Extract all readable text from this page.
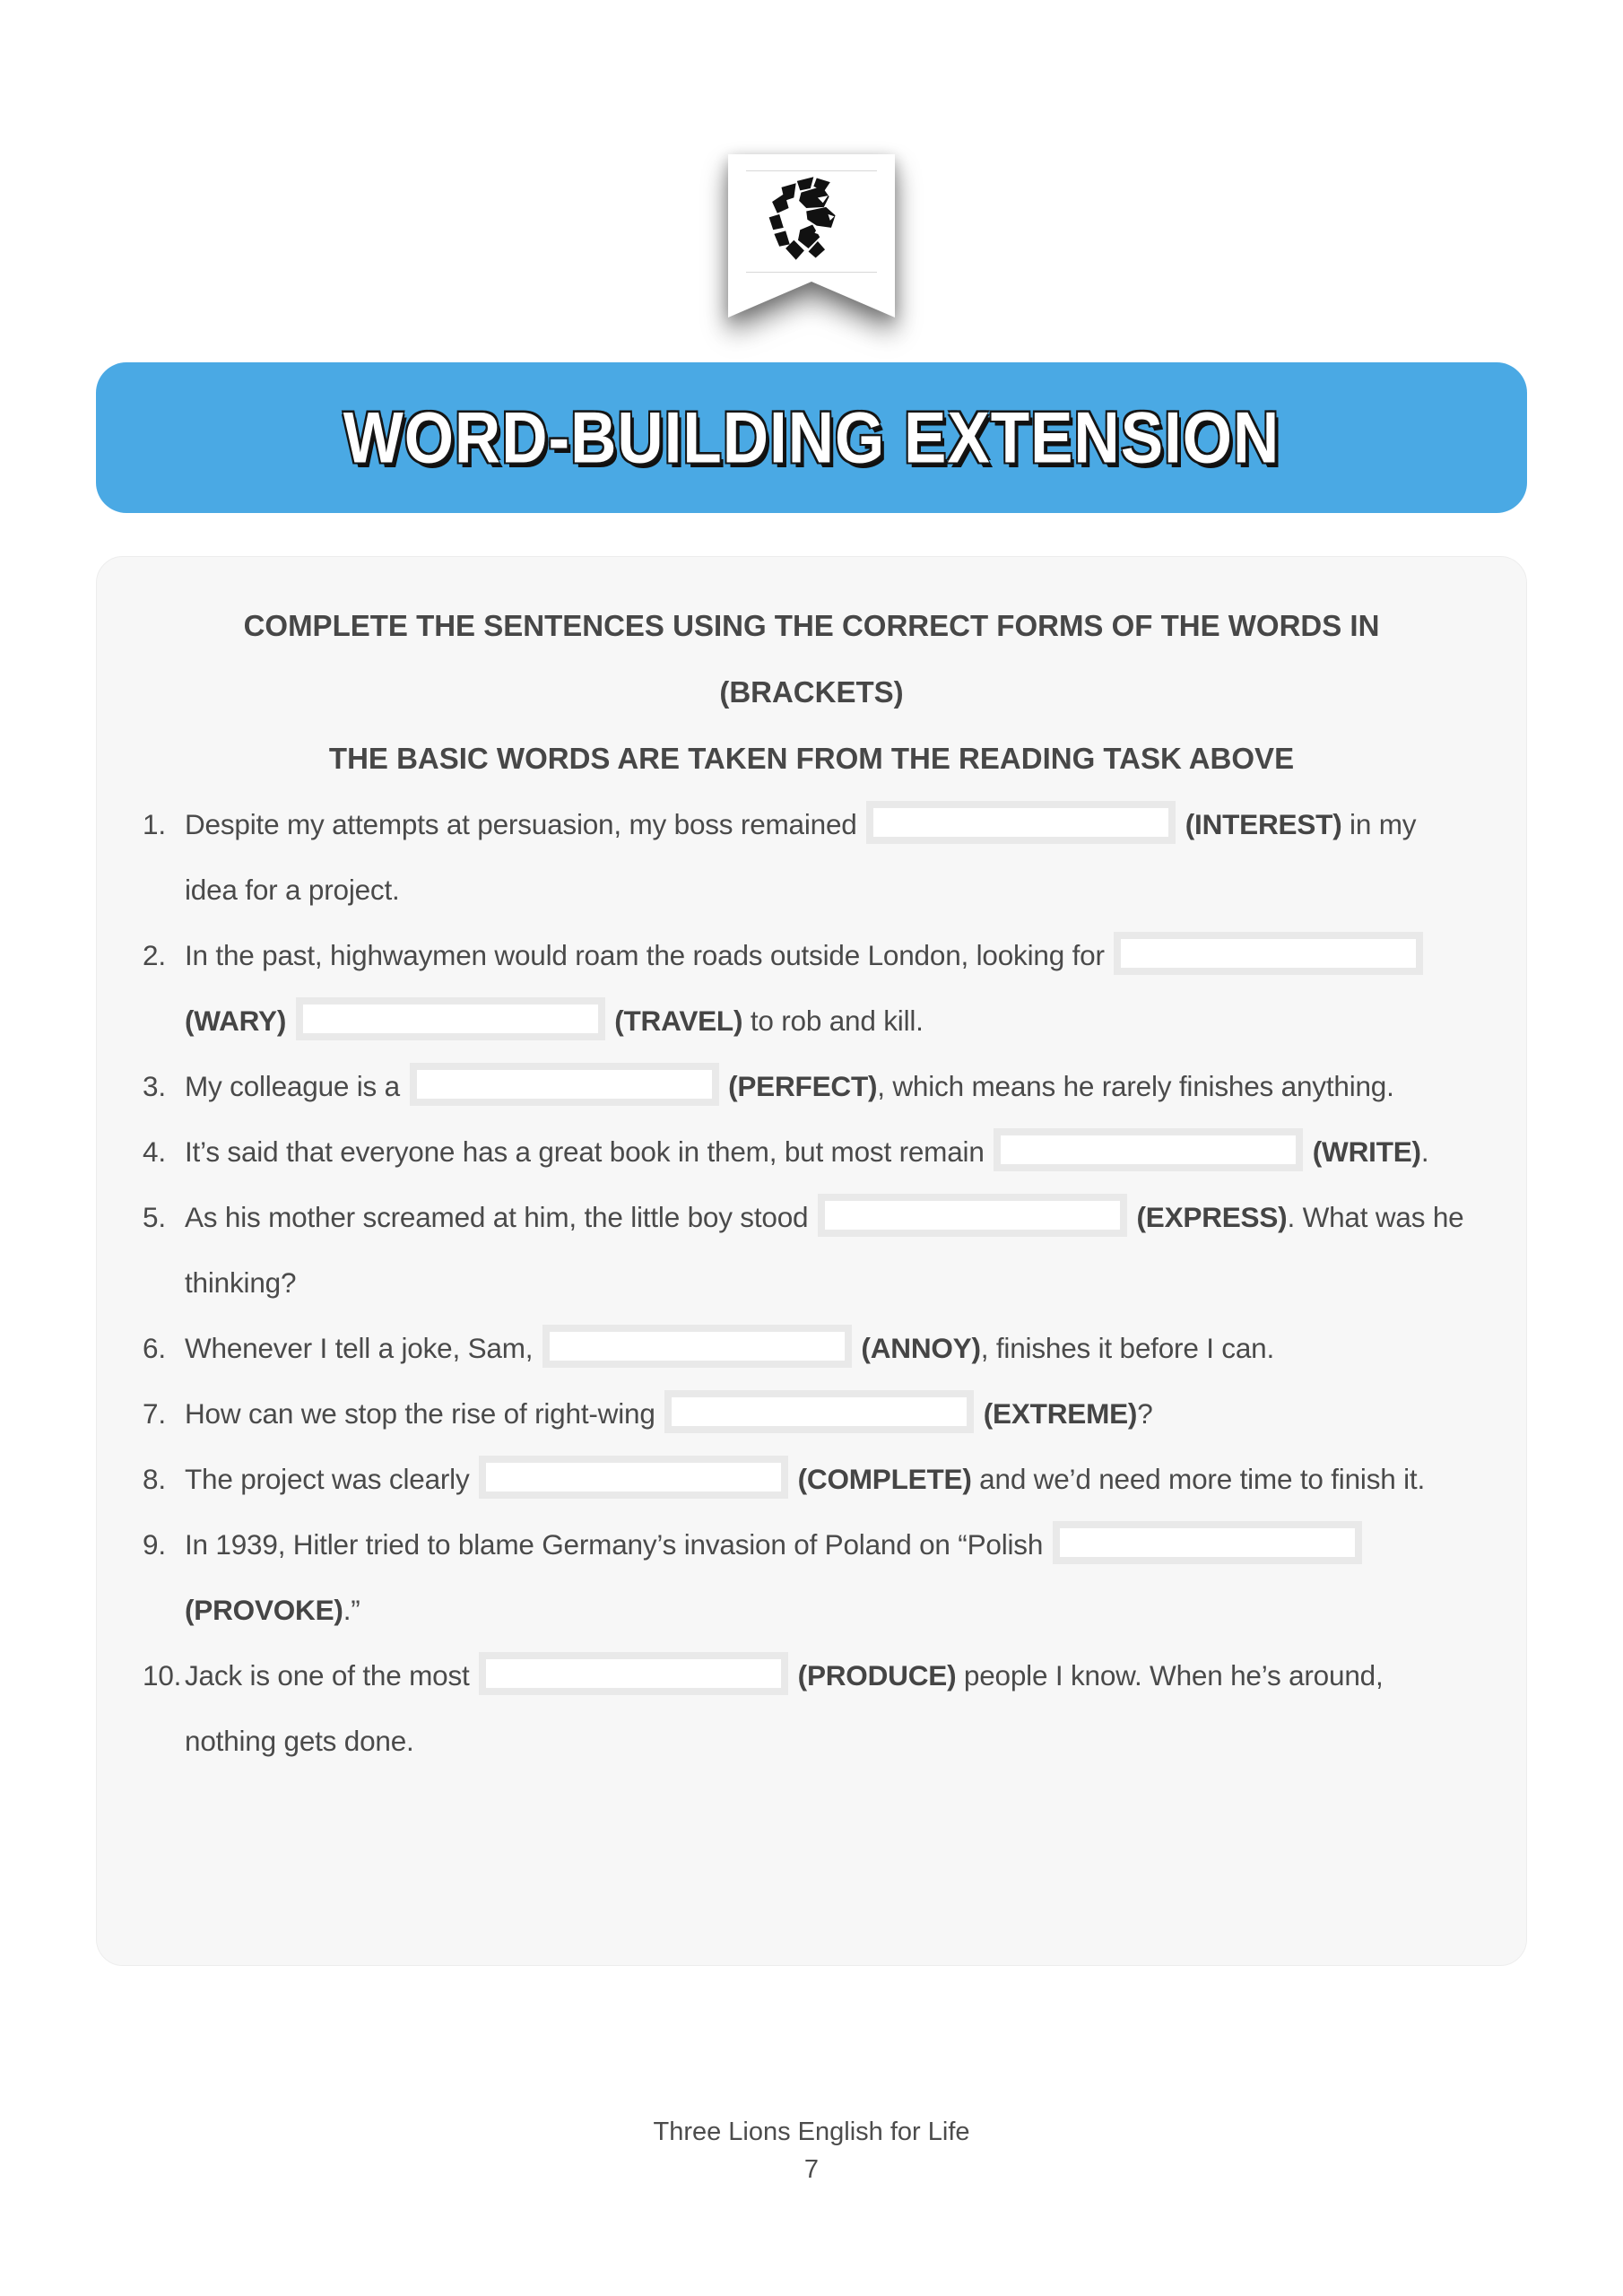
WORD-BUILDING EXTENSION
COMPLETE THE SENTENCES USING THE CORRECT FORMS OF THE WORDS IN
(BRACKETS)
THE BASIC WORDS ARE TAKEN FROM THE READING TASK ABOVE
1. Despite my attempts at persuasion, my boss remained	(INTEREST) in my idea for a project.
2. In the past, highwaymen would roam the roads outside London, looking for  (WARY)	(TRAVEL) to rob and kill.
3. My colleague is a	(PERFECT), which means he rarely finishes anything.
4. It’s said that everyone has a great book in them, but most remain	(WRITE).
5. As his mother screamed at him, the little boy stood	(EXPRESS). What was he thinking?
6. Whenever I tell a joke, Sam,	(ANNOY), finishes it before I can.
7. How can we stop the rise of right-wing	(EXTREME)?
8. The project was clearly	(COMPLETE) and we’d need more time to finish it.
9. In 1939, Hitler tried to blame Germany’s invasion of Poland on “Polish  (PROVOKE).”
10. Jack is one of the most	(PRODUCE) people I know. When he’s around, nothing gets done.
Three Lions English for Life
7
